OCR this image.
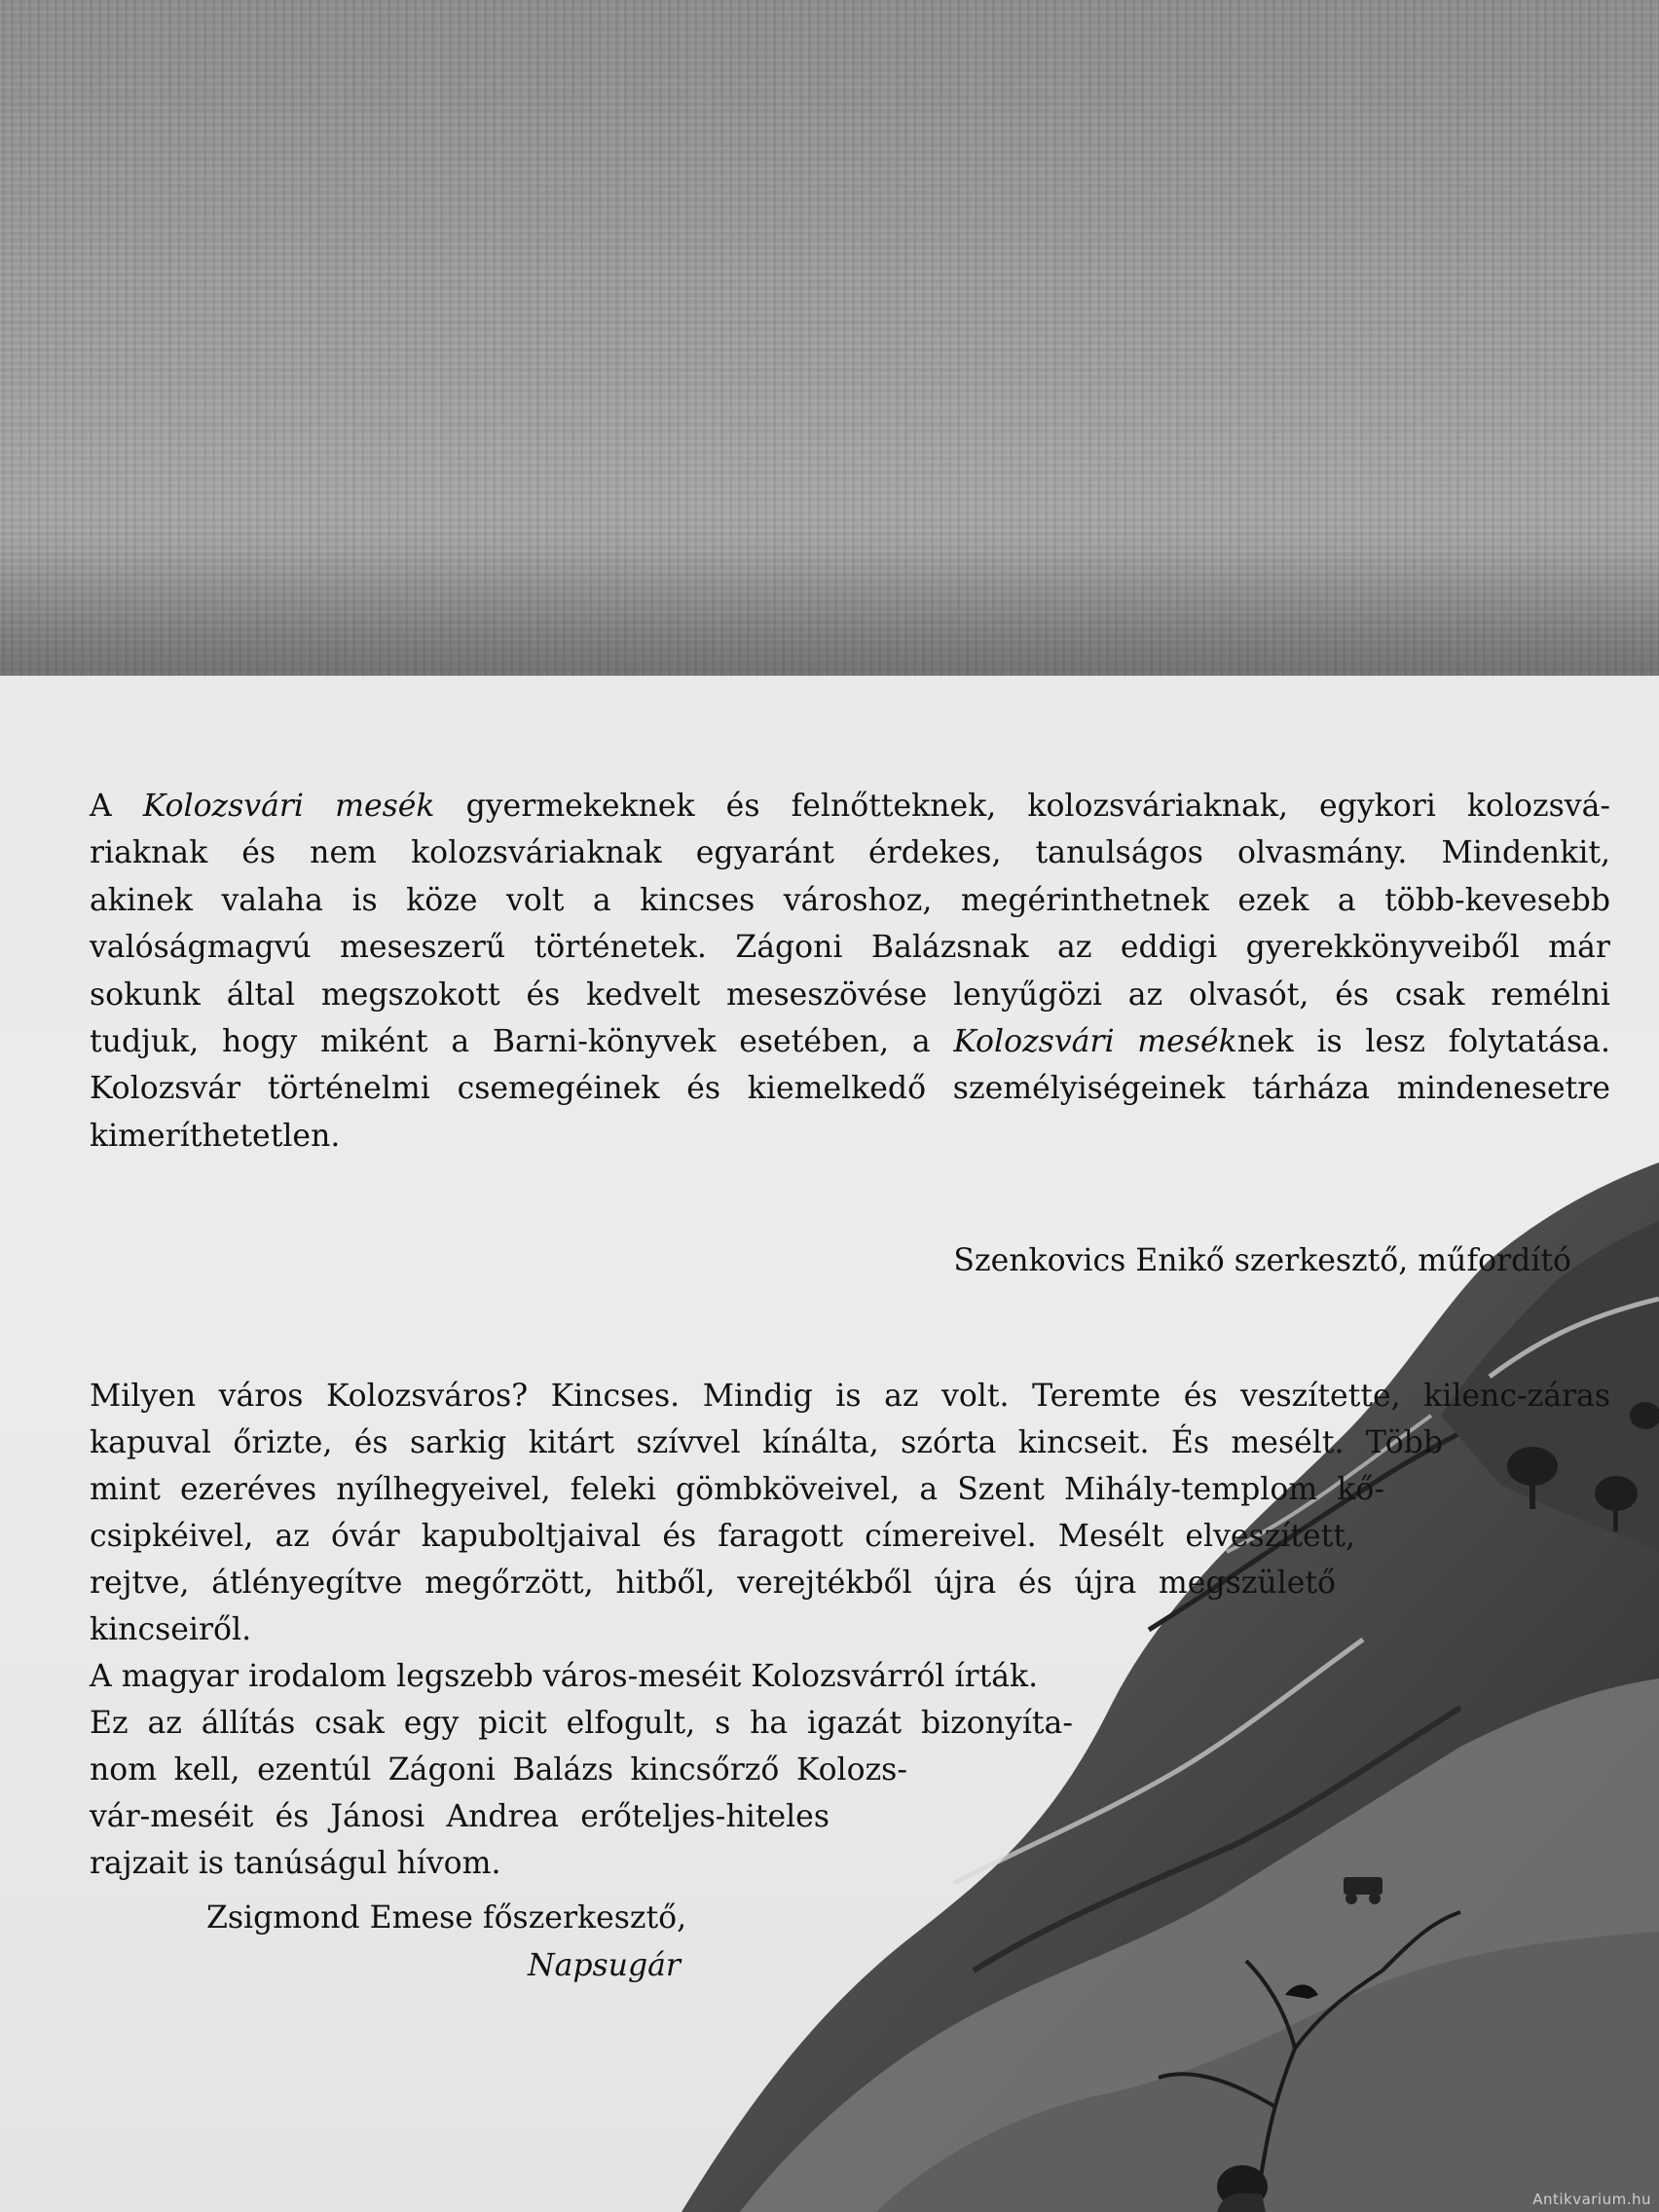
A Kolozsvári mesék gyermekeknek és felnőtteknek, kolozsváriaknak, egykori kolozsvá-
riaknak és nem kolozsváriaknak egyaránt érdekes, tanulságos olvasmány. Mindenkit,
akinek valaha is köze volt a kincses városhoz, megérinthetnek ezek a több-kevesebb
valóságmagvú meseszerű történetek. Zágoni Balázsnak az eddigi gyerekkönyveiből már
sokunk által megszokott és kedvelt meseszövése lenyűgözi az olvasót, és csak remélni
tudjuk, hogy miként a Barni-könyvek esetében, a Kolozsvári meséknek is lesz folytatása.
Kolozsvár történelmi csemegéinek és kiemelkedő személyiségeinek tárháza mindenesetre
kimeríthetetlen.
Szenkovics Enikő szerkesztő, műfordító
Milyen város Kolozsváros? Kincses. Mindig is az volt. Teremte és veszítette, kilenc-záras
kapuval őrizte, és sarkig kitárt szívvel kínálta, szórta kincseit. És mesélt. Több
mint ezeréves nyílhegyeivel, feleki gömbköveivel, a Szent Mihály-templom kő-
csipkéivel, az óvár kapuboltjaival és faragott címereivel. Mesélt elveszített,
rejtve, átlényegítve megőrzött, hitből, verejtékből újra és újra megszülető
kincseiről.
A magyar irodalom legszebb város-meséit Kolozsvárról írták.
Ez az állítás csak egy picit elfogult, s ha igazát bizonyíta-
nom kell, ezentúl Zágoni Balázs kincsőrző Kolozs-
vár-meséit és Jánosi Andrea erőteljes-hiteles
rajzait is tanúságul hívom.
Zsigmond Emese főszerkesztő,
Napsugár
Antikvarium.hu
